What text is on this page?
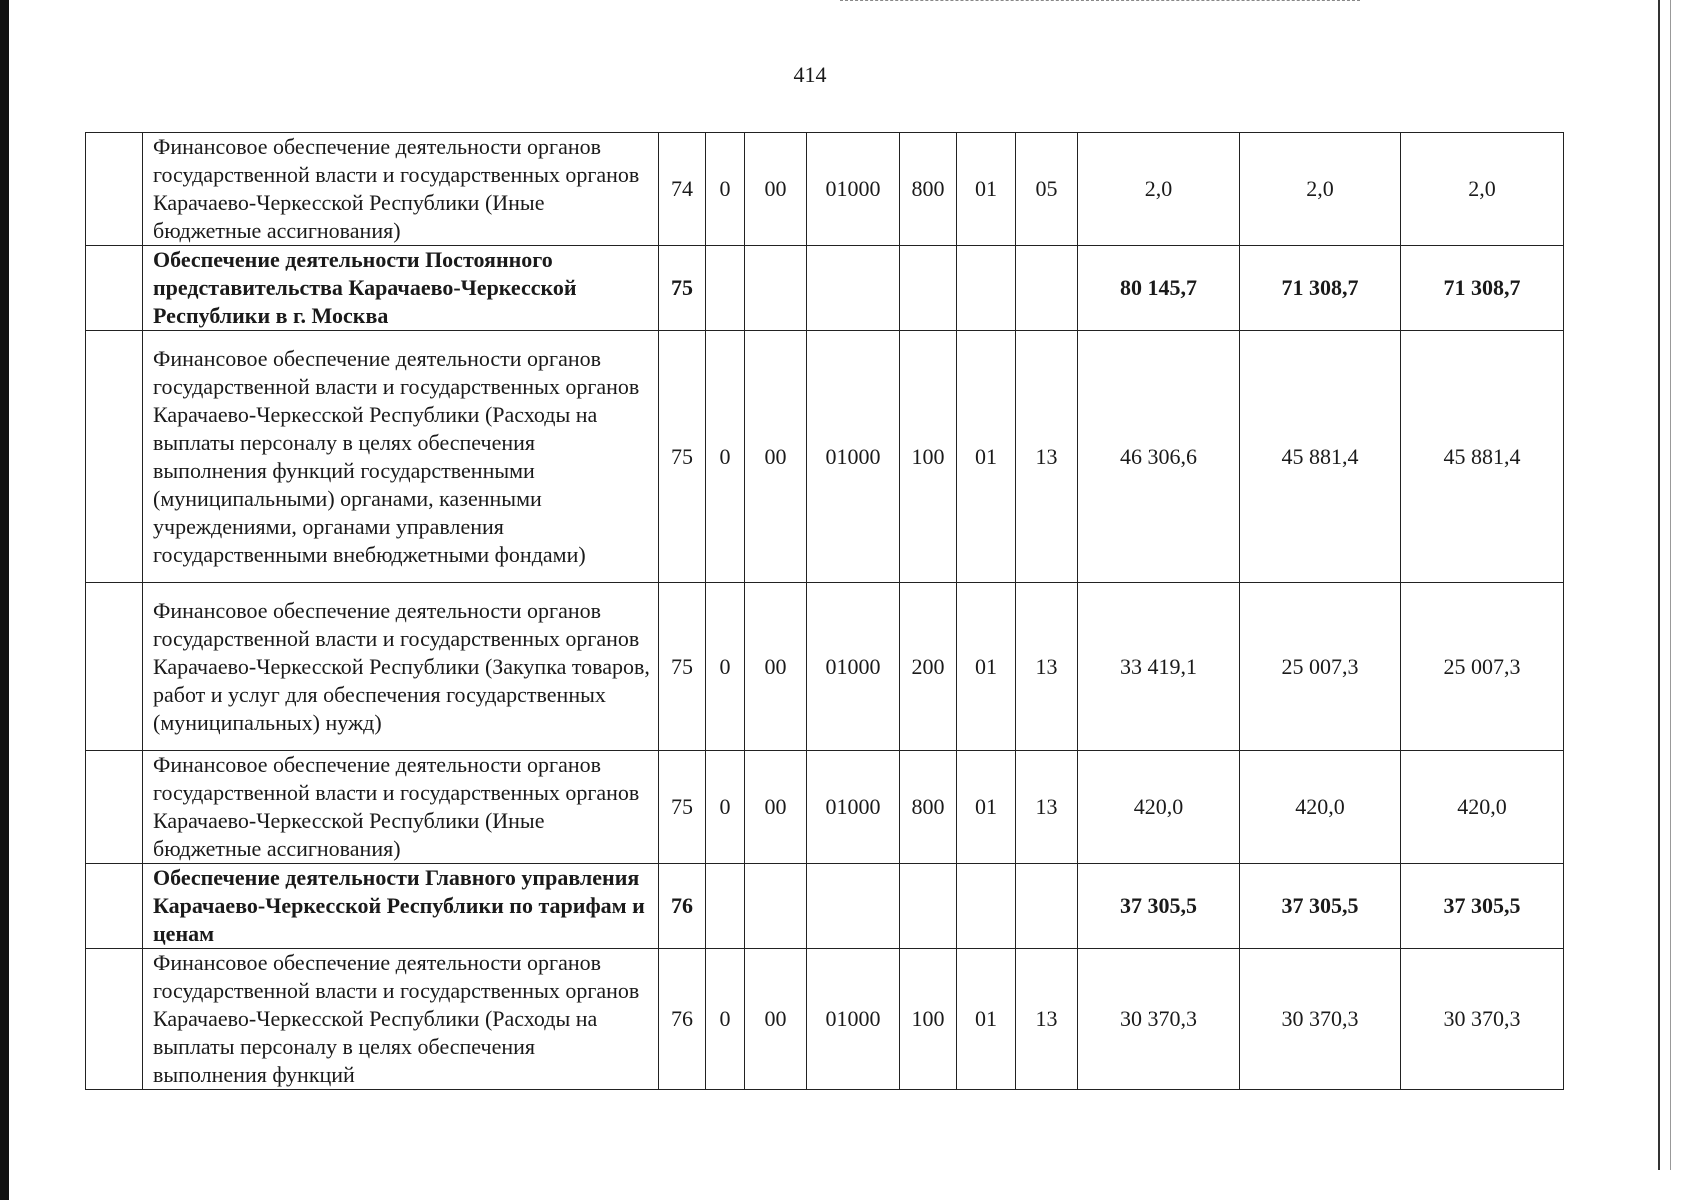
414
	Финансовое обеспечение деятельности органов государственной власти и государственных органов Карачаево-Черкесской Республики (Иные бюджетные ассигнования)	74	0	00	01000	800	01	05	2,0	2,0	2,0
	Обеспечение деятельности Постоянного представительства Карачаево-Черкесской Республики в г. Москва	75							80 145,7	71 308,7	71 308,7
	Финансовое обеспечение деятельности органов государственной власти и государственных органов Карачаево-Черкесской Республики (Расходы на выплаты персоналу в целях обеспечения выполнения функций государственными (муниципальными) органами, казенными учреждениями, органами управления государственными внебюджетными фондами)	75	0	00	01000	100	01	13	46 306,6	45 881,4	45 881,4
	Финансовое обеспечение деятельности органов государственной власти и государственных органов Карачаево-Черкесской Республики (Закупка товаров, работ и услуг для обеспечения государственных (муниципальных) нужд)	75	0	00	01000	200	01	13	33 419,1	25 007,3	25 007,3
	Финансовое обеспечение деятельности органов государственной власти и государственных органов Карачаево-Черкесской Республики (Иные бюджетные ассигнования)	75	0	00	01000	800	01	13	420,0	420,0	420,0
	Обеспечение деятельности Главного управления Карачаево-Черкесской Республики по тарифам и ценам	76							37 305,5	37 305,5	37 305,5
	Финансовое обеспечение деятельности органов государственной власти и государственных органов Карачаево-Черкесской Республики (Расходы на выплаты персоналу в целях обеспечения выполнения функций	76	0	00	01000	100	01	13	30 370,3	30 370,3	30 370,3
